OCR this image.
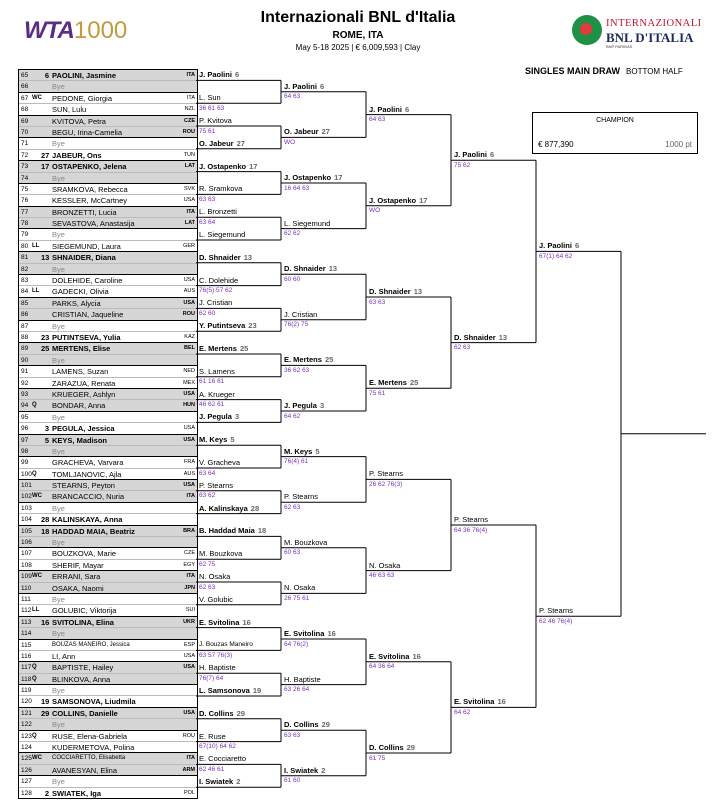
WTA1000	Internazionali BNL d'Italia
ROME, ITA
May 5-18 2025 | € 6,009,593 | Clay
INTERNAZIONALI
BNL D'ITALIA
BNP PARIBAS
SINGLES MAIN DRAW BOTTOM HALF
CHAMPION
€ 877,390	1000 pt
65	6 PAOLINI, Jasmine	ITA
66	Bye
67 WC PEDONE, Giorgia	ITA
68	SUN, Lulu	NZL
69	KVITOVA, Petra	CZE
70	BEGU, Irina-Camelia	ROU
71	Bye
72	27 JABEUR, Ons	TUN
73	17 OSTAPENKO, Jelena	LAT
74	Bye
75	SRAMKOVA, Rebecca	SVK
76	KESSLER, McCartney	USA
77	BRONZETTI, Lucia	ITA
78	SEVASTOVA, Anastasija	LAT
79	Bye
80 LL SIEGEMUND, Laura	GER
81	13 SHNAIDER, Diana
82	Bye
83	DOLEHIDE, Caroline	USA
84 LL GADECKI, Olivia	AUS
85	PARKS, Alycia	USA
86	CRISTIAN, Jaqueline	ROU
87	Bye
88	23 PUTINTSEVA, Yulia	KAZ
89	25 MERTENS, Elise	BEL
90	Bye
91	LAMENS, Suzan	NED
92	ZARAZUA, Renata	MEX
93	KRUEGER, Ashlyn	USA
94 Q BONDAR, Anna	HUN
95	Bye
96	3 PEGULA, Jessica	USA
97	5 KEYS, Madison	USA
98	Bye
99	GRACHEVA, Varvara	FRA
100 Q TOMLJANOVIC, Ajla	AUS
101	STEARNS, Peyton	USA
102 WC BRANCACCIO, Nuria	ITA
103	Bye
104 28 KALINSKAYA, Anna
105 18 HADDAD MAIA, Beatriz	BRA
106	Bye
107	BOUZKOVA, Marie	CZE
108	SHERIF, Mayar	EGY
109 WC ERRANI, Sara	ITA
110	OSAKA, Naomi	JPN
111	Bye
112 LL GOLUBIC, Viktorija	SUI
113 16 SVITOLINA, Elina	UKR
114	Bye
115	BOUZAS MANEIRO, Jessica	ESP
116	LI, Ann	USA
117 Q BAPTISTE, Hailey	USA
118 Q BLINKOVA, Anna
119	Bye
120 19 SAMSONOVA, Liudmila
121 29 COLLINS, Danielle	USA
122	Bye
123 Q RUSE, Elena-Gabriela	ROU
124	KUDERMETOVA, Polina
125 WC COCCIARETTO, Elisabetta	ITA
126	AVANESYAN, Elina	ARM
127	Bye
128	2 SWIATEK, Iga	POL
J. Paolini 6
L. Sun
36 61 63
P. Kvitova
75 61
O. Jabeur 27
J. Ostapenko 17
R. Sramkova
63 63
L. Bronzetti
63 64
L. Siegemund
D. Shnaider 13
C. Dolehide
76(5) 57 62
J. Cristian
62 60
Y. Putintseva 23
E. Mertens 25
S. Lamens
61 16 61
A. Krueger
46 62 61
J. Pegula 3
M. Keys 5
V. Gracheva
63 64
P. Stearns
63 62
A. Kalinskaya 28
B. Haddad Maia 18
M. Bouzkova
62 75
N. Osaka
62 63
V. Golubic
E. Svitolina 16
J. Bouzas Maneiro
63 57 76(3)
H. Baptiste
76(7) 64
L. Samsonova 19
D. Collins 29
E. Ruse
67(10) 64 62
E. Cocciaretto
62 46 61
I. Swiatek 2
J. Paolini 6
64 63
O. Jabeur 27
WO
J. Ostapenko 17
16 64 63
L. Siegemund
62 62
D. Shnaider 13
60 60
J. Cristian
76(2) 75
E. Mertens 25
36 62 63
J. Pegula 3
64 62
M. Keys 5
76(4) 61
P. Stearns
62 63
M. Bouzkova
60 63
N. Osaka
26 75 61
E. Svitolina 16
64 76(2)
H. Baptiste
63 26 64
D. Collins 29
63 63
I. Swiatek 2
61 60
J. Paolini 6
64 63
J. Ostapenko 17
WO
D. Shnaider 13
63 63
E. Mertens 25
75 61
P. Stearns
26 62 76(3)
N. Osaka
46 63 63
E. Svitolina 16
64 36 64
D. Collins 29
61 75
J. Paolini 6
75 62
D. Shnaider 13
62 63
P. Stearns
64 36 76(4)
E. Svitolina 16
64 62
J. Paolini 6
67(1) 64 62
P. Stearns
62 46 76(4)
